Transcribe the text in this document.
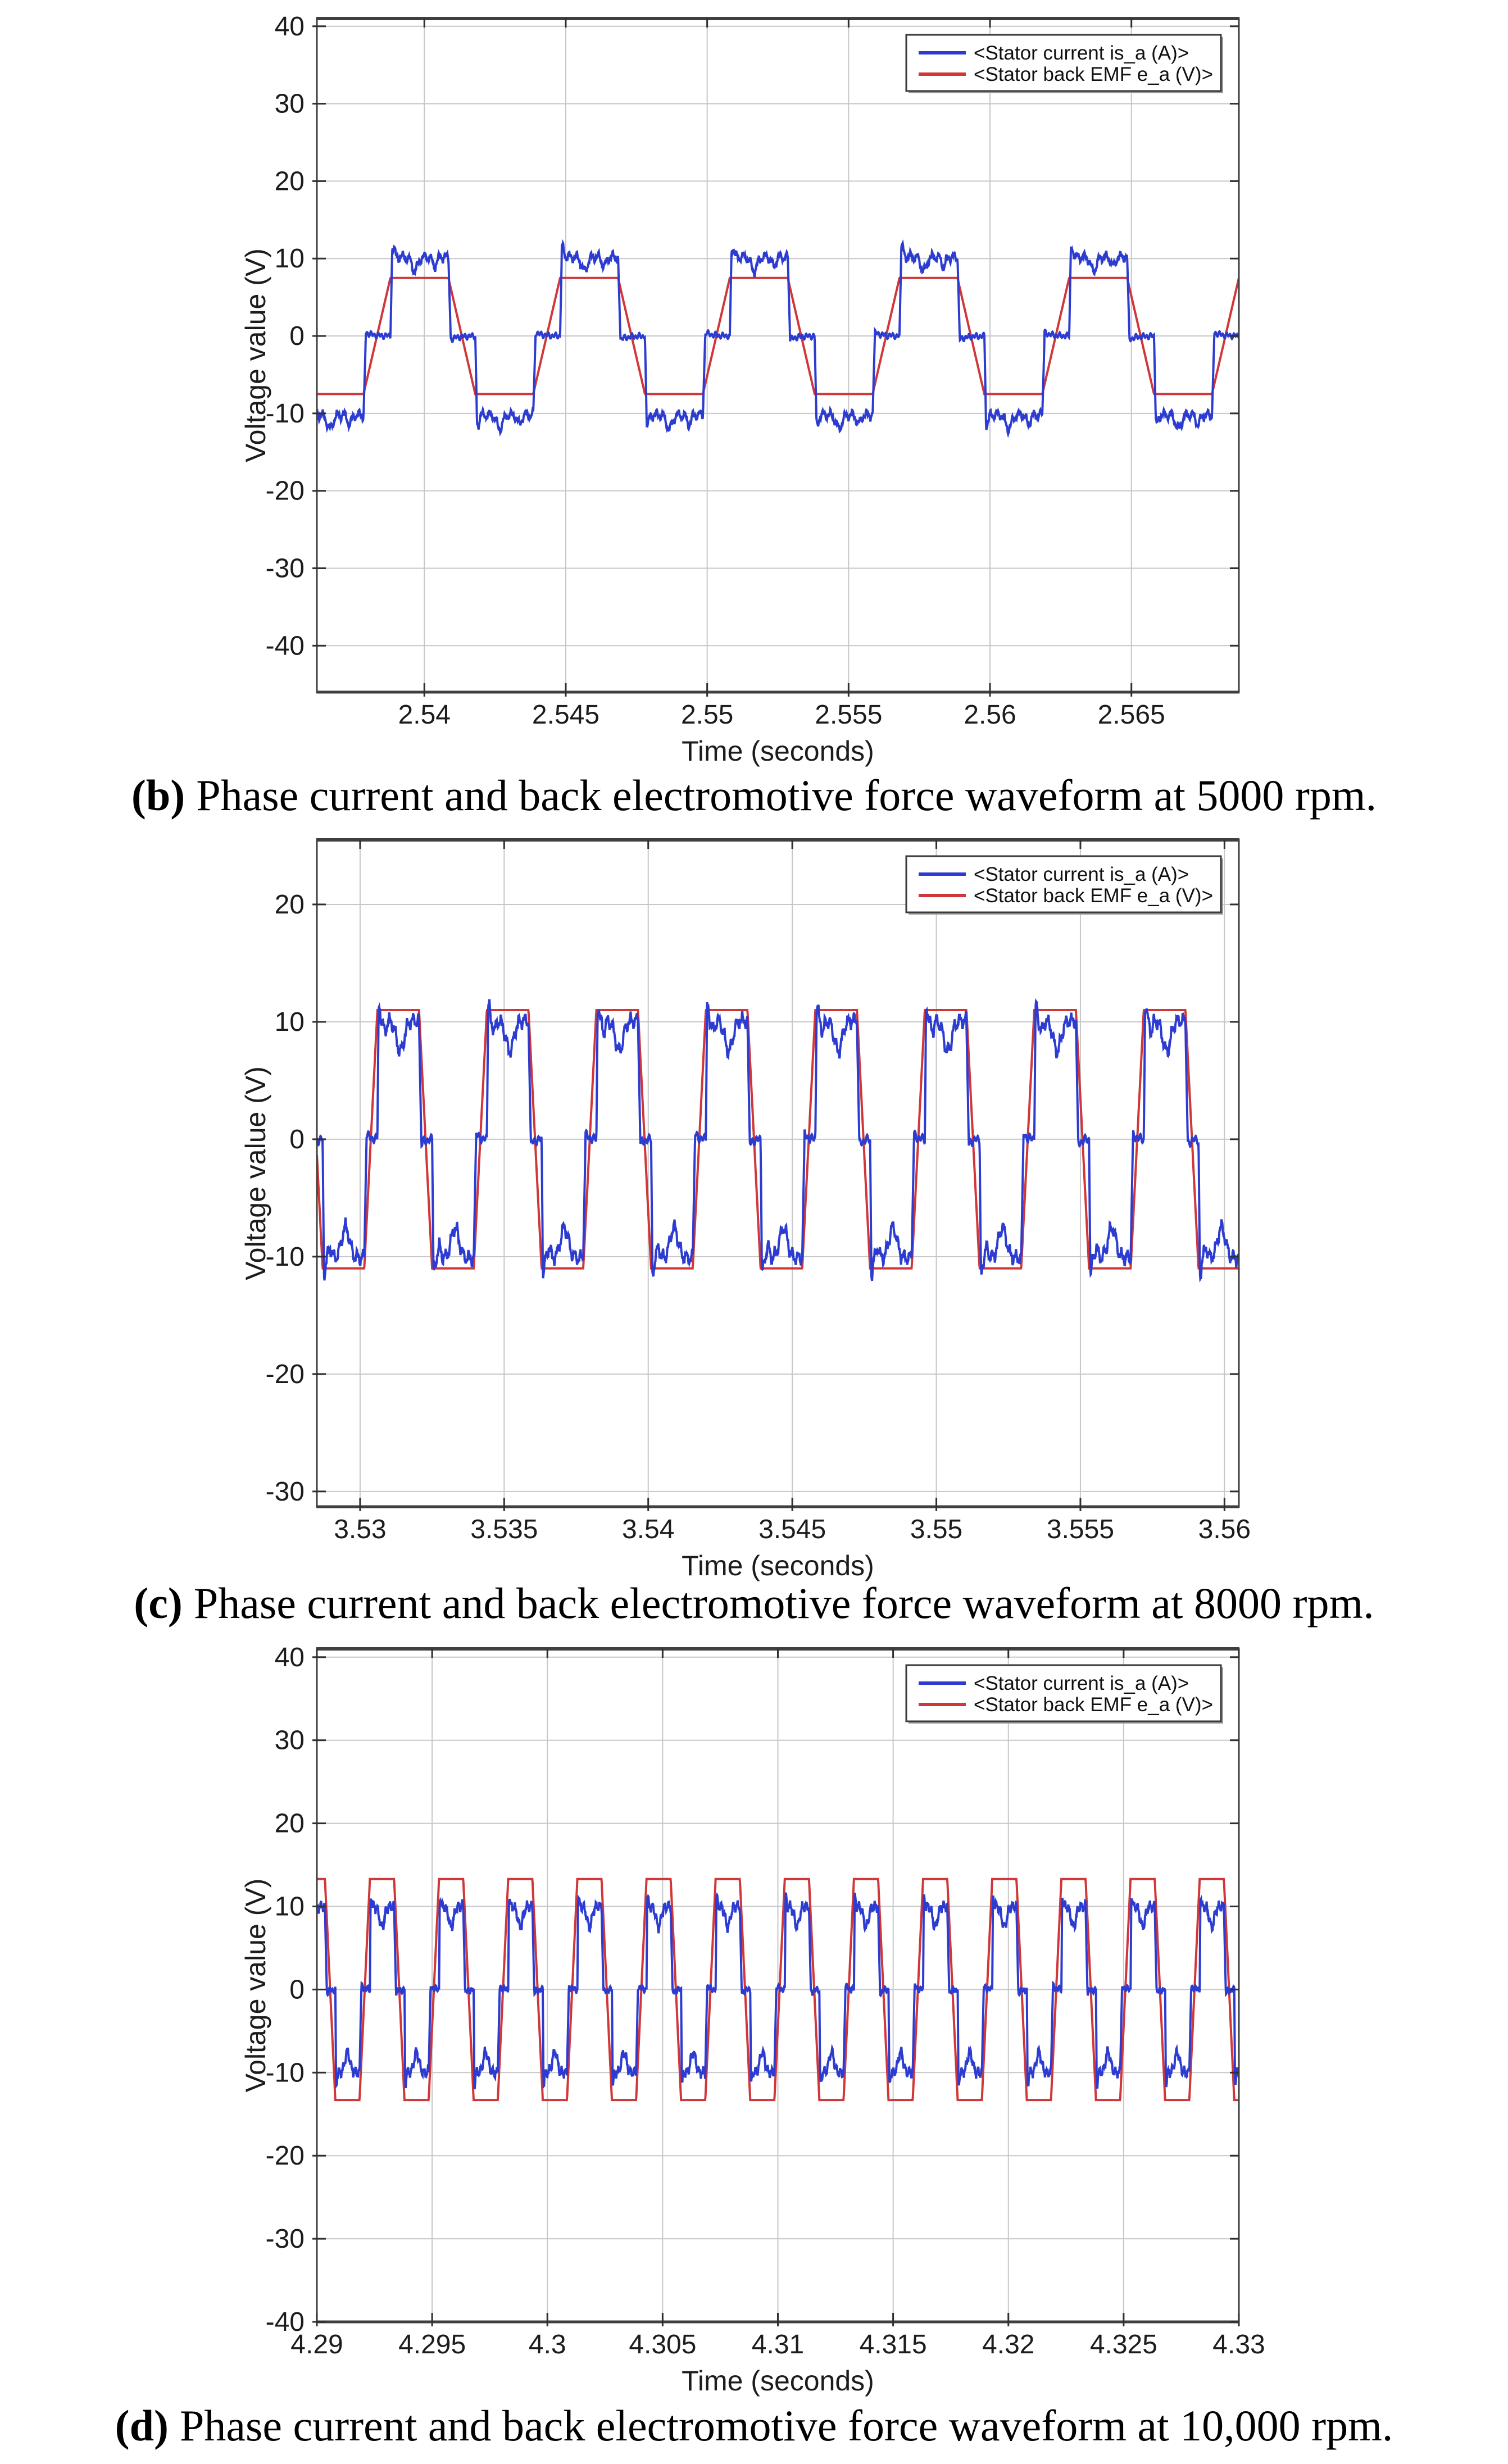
2.54	2.545	2.55	2.555	2.56	2.565
-40
-30
-20
-10
0
10
20
30
40
Time (seconds)
Voltage value (V)
<Stator current is_a (A)>
<Stator back EMF e_a (V)>
3.53	3.535	3.54	3.545	3.55	3.555	3.56
-30
-20
-10
0
10
20
Time (seconds)
Voltage value (V)
<Stator current is_a (A)>
<Stator back EMF e_a (V)>
4.29 4.295 4.3 4.305 4.31 4.315 4.32 4.325 4.33
-40
-30
-20
-10
0
10
20
30
40
Time (seconds)
Voltage value (V)
<Stator current is_a (A)>
<Stator back EMF e_a (V)>
(b) Phase current and back electromotive force waveform at 5000 rpm.
(c) Phase current and back electromotive force waveform at 8000 rpm.
(d) Phase current and back electromotive force waveform at 10,000 rpm.
